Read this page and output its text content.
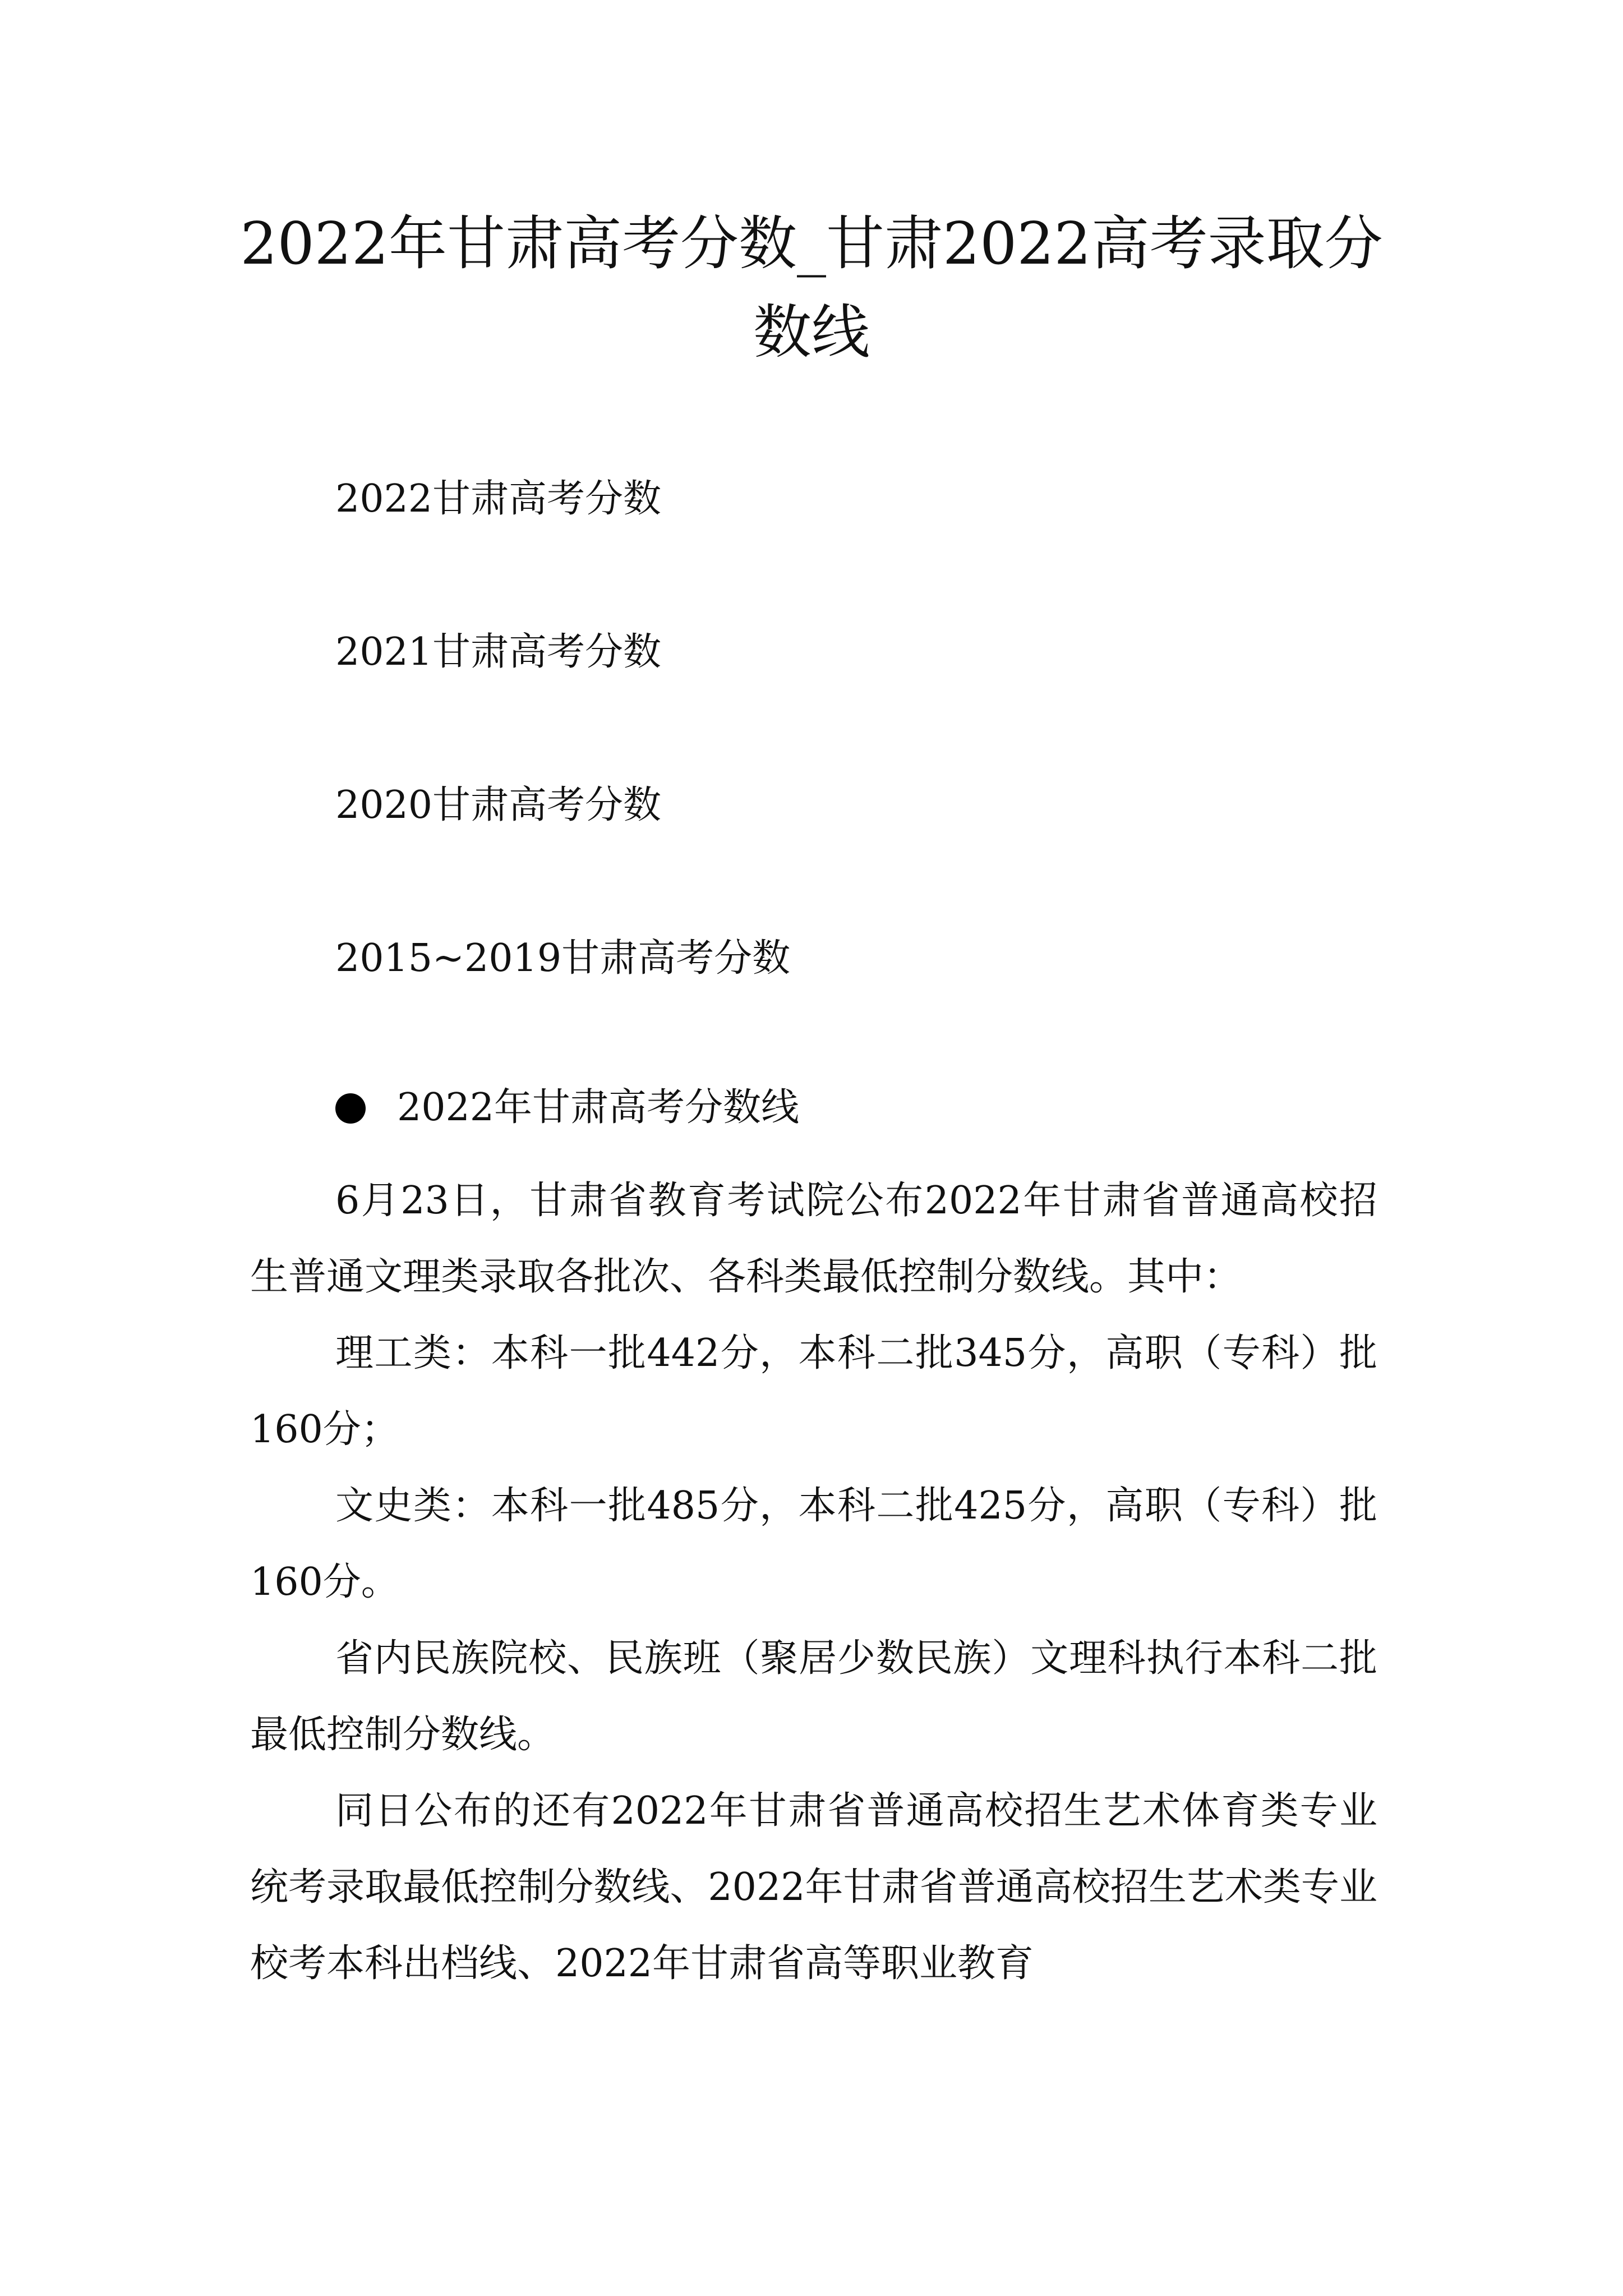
2022年甘肃高考分数_甘肃2022高考录取分数线

2022甘肃高考分数

2021甘肃高考分数

2020甘肃高考分数

2015~2019甘肃高考分数

2022年甘肃高考分数线

6月23日，甘肃省教育考试院公布2022年甘肃省普通高校招生普通文理类录取各批次、各科类最低控制分数线。其中：

理工类：本科一批442分，本科二批345分，高职（专科）批160分；

文史类：本科一批485分，本科二批425分，高职（专科）批160分。

省内民族院校、民族班（聚居少数民族）文理科执行本科二批最低控制分数线。

同日公布的还有2022年甘肃省普通高校招生艺术体育类专业统考录取最低控制分数线、2022年甘肃省普通高校招生艺术类专业校考本科出档线、2022年甘肃省高等职业教育
